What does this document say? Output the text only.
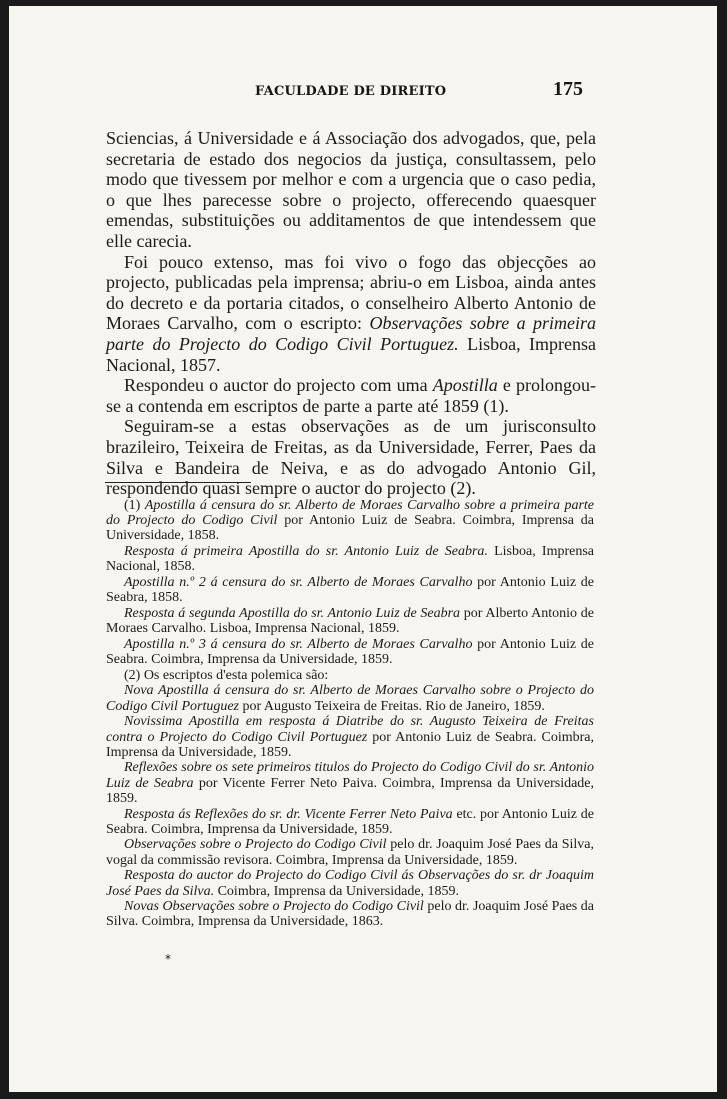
FACULDADE DE DIREITO	175

Sciencias, á Universidade e á Associação dos advogados, que, pela secretaria de estado dos negocios da justiça, consultassem, pelo modo que tivessem por melhor e com a urgencia que o caso pedia, o que lhes parecesse sobre o projecto, offerecendo quaesquer emendas, substituições ou additamentos de que intendessem que elle carecia.

Foi pouco extenso, mas foi vivo o fogo das objecções ao projecto, publicadas pela imprensa; abriu-o em Lisboa, ainda antes do decreto e da portaria citados, o conselheiro Alberto Antonio de Moraes Carvalho, com o escripto: Observações sobre a primeira parte do Projecto do Codigo Civil Portuguez. Lisboa, Imprensa Nacional, 1857.

Respondeu o auctor do projecto com uma Apostilla e prolongou-se a contenda em escriptos de parte a parte até 1859 (1).

Seguiram-se a estas observações as de um jurisconsulto brazileiro, Teixeira de Freitas, as da Universidade, Ferrer, Paes da Silva e Bandeira de Neiva, e as do advogado Antonio Gil, respondendo quasi sempre o auctor do projecto (2).

(1) Apostilla á censura do sr. Alberto de Moraes Carvalho sobre a primeira parte do Projecto do Codigo Civil por Antonio Luiz de Seabra. Coimbra, Imprensa da Universidade, 1858.

Resposta á primeira Apostilla do sr. Antonio Luiz de Seabra. Lisboa, Imprensa Nacional, 1858.

Apostilla n.º 2 á censura do sr. Alberto de Moraes Carvalho por Antonio Luiz de Seabra, 1858.

Resposta á segunda Apostilla do sr. Antonio Luiz de Seabra por Alberto Antonio de Moraes Carvalho. Lisboa, Imprensa Nacional, 1859.

Apostilla n.º 3 á censura do sr. Alberto de Moraes Carvalho por Antonio Luiz de Seabra. Coimbra, Imprensa da Universidade, 1859.

(2) Os escriptos d'esta polemica são:

Nova Apostilla á censura do sr. Alberto de Moraes Carvalho sobre o Projecto do Codigo Civil Portuguez por Augusto Teixeira de Freitas. Rio de Janeiro, 1859.

Novissima Apostilla em resposta á Diatribe do sr. Augusto Teixeira de Freitas contra o Projecto do Codigo Civil Portuguez por Antonio Luiz de Seabra. Coimbra, Imprensa da Universidade, 1859.

Reflexões sobre os sete primeiros titulos do Projecto do Codigo Civil do sr. Antonio Luiz de Seabra por Vicente Ferrer Neto Paiva. Coimbra, Imprensa da Universidade, 1859.

Resposta ás Reflexões do sr. dr. Vicente Ferrer Neto Paiva etc. por Antonio Luiz de Seabra. Coimbra, Imprensa da Universidade, 1859.

Observações sobre o Projecto do Codigo Civil pelo dr. Joaquim José Paes da Silva, vogal da commissão revisora. Coimbra, Imprensa da Universidade, 1859.

Resposta do auctor do Projecto do Codigo Civil ás Observações do sr. dr Joaquim José Paes da Silva. Coimbra, Imprensa da Universidade, 1859.

Novas Observações sobre o Projecto do Codigo Civil pelo dr. Joaquim José Paes da Silva. Coimbra, Imprensa da Universidade, 1863.

*
